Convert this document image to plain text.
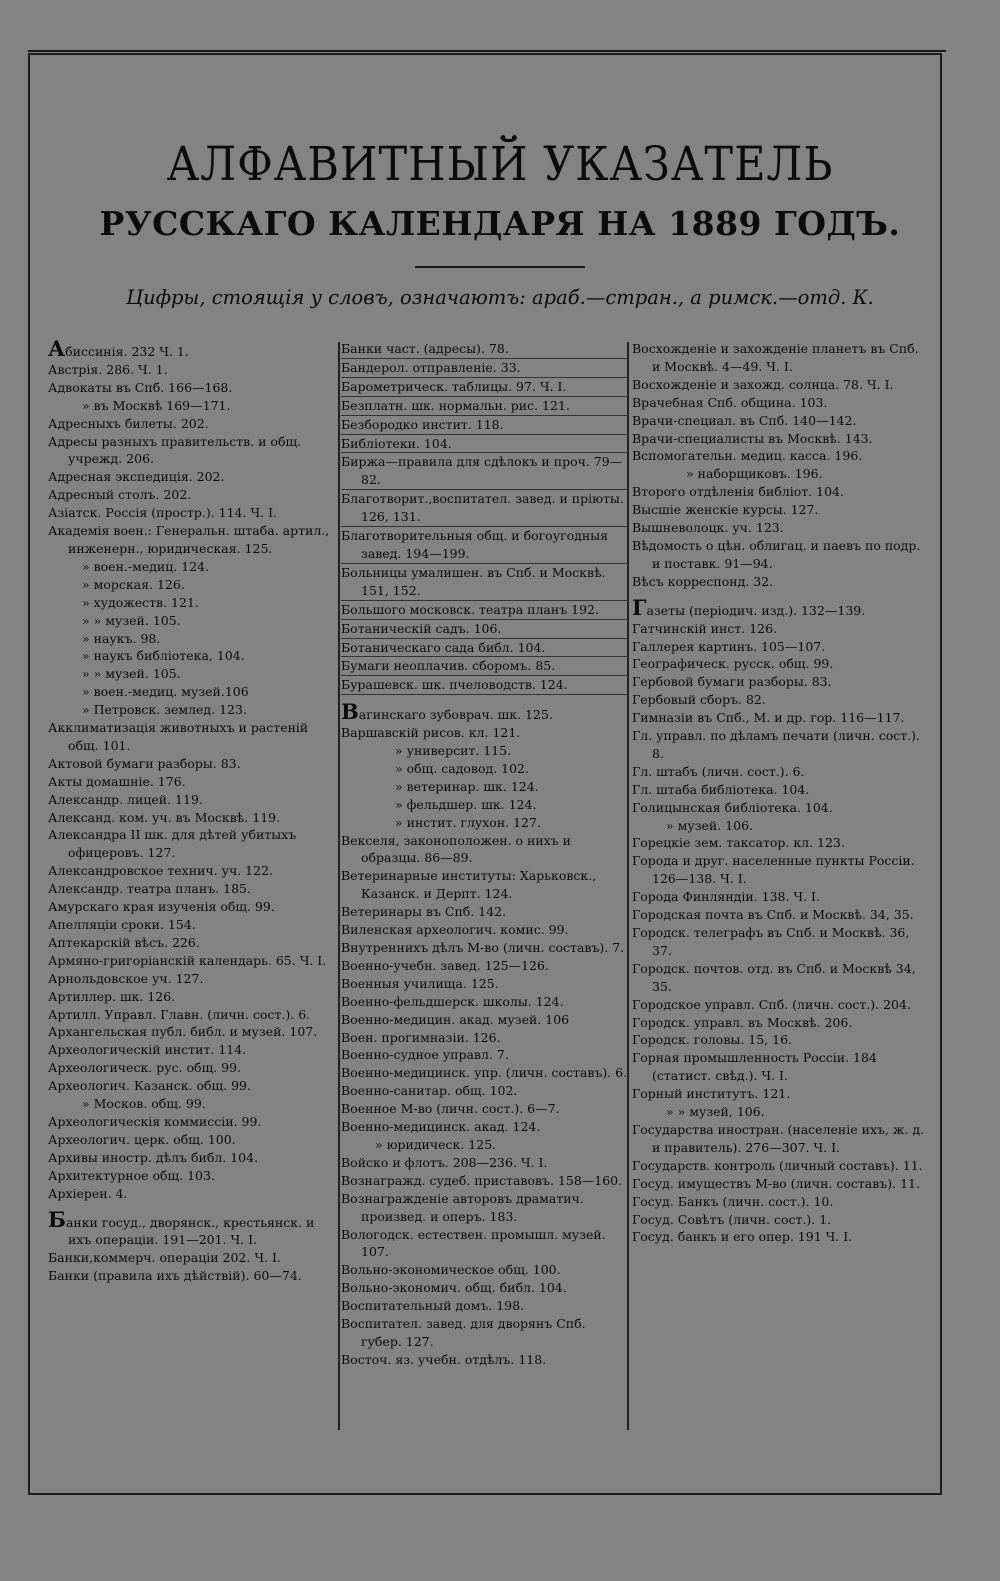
АЛФАВИТНЫЙ УКАЗАТЕЛЬ
РУССКАГО КАЛЕНДАРЯ НА 1889 ГОДЪ.
Цифры, стоящія у словъ, означаютъ: араб.—стран., а римск.—отд. К.
Абиссинія. 232 Ч. 1.
Австрія. 286. Ч. 1.
Адвокаты въ Спб. 166—168.
» въ Москвѣ 169—171.
Адресныхъ билеты. 202.
Адресы разныхъ правительств. и общ. учрежд. 206.
Адресная экспедиція. 202.
Адресный столъ. 202.
Азіатск. Россія (простр.). 114. Ч. I.
Академія воен.: Генеральн. штаба. артил., инженерн., юридическая. 125.
» воен.-медиц. 124.
» морская. 126.
» художеств. 121.
» » музей. 105.
» наукъ. 98.
» наукъ библіотека, 104.
» » музей. 105.
» воен.-медиц. музей.106
» Петровск. землед. 123.
Акклиматизація животныхъ и растеній общ. 101.
Актовой бумаги разборы. 83.
Акты домашніе. 176.
Александр. лицей. 119.
Александ. ком. уч. въ Москвѣ. 119.
Александра II шк. для дѣтей убитыхъ офицеровъ. 127.
Александровское технич. уч. 122.
Александр. театра планъ. 185.
Амурскаго края изученія общ. 99.
Апелляціи сроки. 154.
Аптекарскій вѣсъ. 226.
Армяно-григоріанскій календарь. 65. Ч. I.
Арнольдовское уч. 127.
Артиллер. шк. 126.
Артилл. Управл. Главн. (личн. сост.). 6.
Архангельская публ. библ. и музей. 107.
Археологическій инстит. 114.
Археологическ. рус. общ. 99.
Археологич. Казанск. общ. 99.
» Москов. общ. 99.
Археологическія коммиссіи. 99.
Археологич. церк. общ. 100.
Архивы иностр. дѣлъ библ. 104.
Архитектурное общ. 103.
Архіерен. 4.
Банки госуд., дворянск., крестьянск. и ихъ операціи. 191—201. Ч. I.
Банки,коммерч. операціи 202. Ч. I.
Банки (правила ихъ дѣйствій). 60—74.
Банки част. (адресы). 78.
Бандерол. отправленіе. 33.
Барометрическ. таблицы. 97. Ч. I.
Безплатн. шк. нормальн. рис. 121.
Безбородко инстит. 118.
Библіотеки. 104.
Биржа—правила для сдѣлокъ и проч. 79—82.
Благотворит.,воспитател. завед. и пріюты. 126, 131.
Благотворительныя общ. и богоугодныя завед. 194—199.
Больницы умалишен. въ Спб. и Москвѣ. 151, 152.
Большого московск. театра планъ 192.
Ботаническій садъ. 106.
Ботаническаго сада библ. 104.
Бумаги неоплачив. сборомъ. 85.
Бурашевск. шк. пчеловодств. 124.
Вагинскаго зубоврач. шк. 125.
Варшавскій рисов. кл. 121.
» университ. 115.
» общ. садовод. 102.
» ветеринар. шк. 124.
» фельдшер. шк. 124.
» инстит. глухон. 127.
Векселя, законоположен. о нихъ и образцы. 86—89.
Ветеринарные институты: Харьковск., Казанск. и Дерпт. 124.
Ветеринары въ Спб. 142.
Виленская археологич. комис. 99.
Внутреннихъ дѣлъ М-во (личн. составъ). 7.
Военно-учебн. завед. 125—126.
Военныя училища. 125.
Военно-фельдшерск. школы. 124.
Военно-медицин. акад. музей. 106
Воен. прогимназіи. 126.
Военно-судное управл. 7.
Военно-медицинск. упр. (личн. составъ). 6.
Военно-санитар. общ. 102.
Военное М-во (личн. сост.). 6—7.
Военно-медицинск. акад. 124.
» юридическ. 125.
Войско и флотъ. 208—236. Ч. I.
Вознагражд. судеб. приставовъ. 158—160.
Вознагражденіе авторовъ драматич. произвед. и оперъ. 183.
Вологодск. естествен. промышл. музей. 107.
Вольно-экономическое общ. 100.
Вольно-экономич. общ. библ. 104.
Воспитательный домъ. 198.
Воспитател. завед. для дворянъ Спб. губер. 127.
Восточ. яз. учебн. отдѣлъ. 118.
Восхожденіе и захожденіе планетъ въ Спб. и Москвѣ. 4—49. Ч. I.
Восхожденіе и захожд. солнца. 78. Ч. I.
Врачебная Спб. община. 103.
Врачи-специал. въ Спб. 140—142.
Врачи-специалисты въ Москвѣ. 143.
Вспомогательн. медиц. касса. 196.
» наборщиковъ. 196.
Второго отдѣленія библіот. 104.
Высшіе женскіе курсы. 127.
Вышневолоцк. уч. 123.
Вѣдомость о цѣн. облигац. и паевъ по подр. и поставк. 91—94.
Вѣсъ корреспонд. 32.
Газеты (періодич. изд.). 132—139.
Гатчинскій инст. 126.
Галлерея картинъ. 105—107.
Географическ. русск. общ. 99.
Гербовой бумаги разборы. 83.
Гербовый сборъ. 82.
Гимназіи въ Спб., М. и др. гор. 116—117.
Гл. управл. по дѣламъ печати (личн. сост.). 8.
Гл. штабъ (личн. сост.). 6.
Гл. штаба библіотека. 104.
Голицынская библіотека. 104.
» музей. 106.
Горецкіе зем. таксатор. кл. 123.
Города и друг. населенные пункты Россіи. 126—138. Ч. I.
Города Финляндіи. 138. Ч. I.
Городская почта въ Спб. и Москвѣ. 34, 35.
Городск. телеграфъ въ Спб. и Москвѣ. 36, 37.
Городск. почтов. отд. въ Спб. и Москвѣ 34, 35.
Городское управл. Спб. (личн. сост.). 204.
Городск. управл. въ Москвѣ. 206.
Городск. головы. 15, 16.
Горная промышленность Россіи. 184 (статист. свѣд.). Ч. I.
Горный институтъ. 121.
» » музей, 106.
Государства иностран. (населеніе ихъ, ж. д. и правитель). 276—307. Ч. I.
Государств. контроль (личный составъ). 11.
Госуд. имуществъ М-во (личн. составъ). 11.
Госуд. Банкъ (личн. сост.). 10.
Госуд. Совѣтъ (личн. сост.). 1.
Госуд. банкъ и его опер. 191 Ч. I.
